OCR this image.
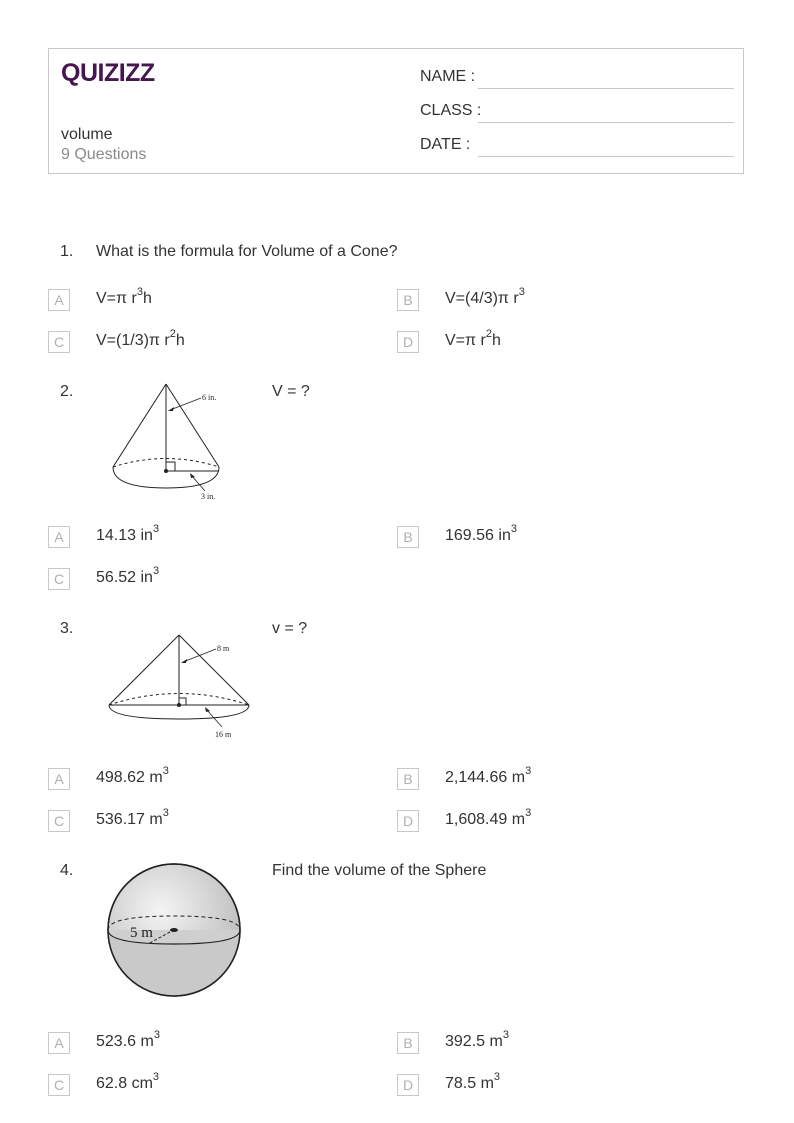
QUIZIZZ
volume
9 Questions
NAME :
CLASS :
DATE :
1. What is the formula for Volume of a Cone?
A	V=π $r^3h$	B	V=(4/3)π $r^3$
C	V=(1/3)π $r^2h$	D	V=π $r^2h$
2.	6 in.
3 in.
V = ?
A	14.13 $in^3$
B	169.56 $in^3$
C	56.52 $in^3$
3.
8 m
16 m
v = ?
A	498.62 $m^3$
B	2,144.66 $m^3$
C	536.17 $m^3$
D	1,608.49 $m^3$
4.
5 m
Find the volume of the Sphere
A	523.6 $m^3$
B	392.5 $m^3$
C	62.8 $cm^3$
D	78.5 $m^3$
